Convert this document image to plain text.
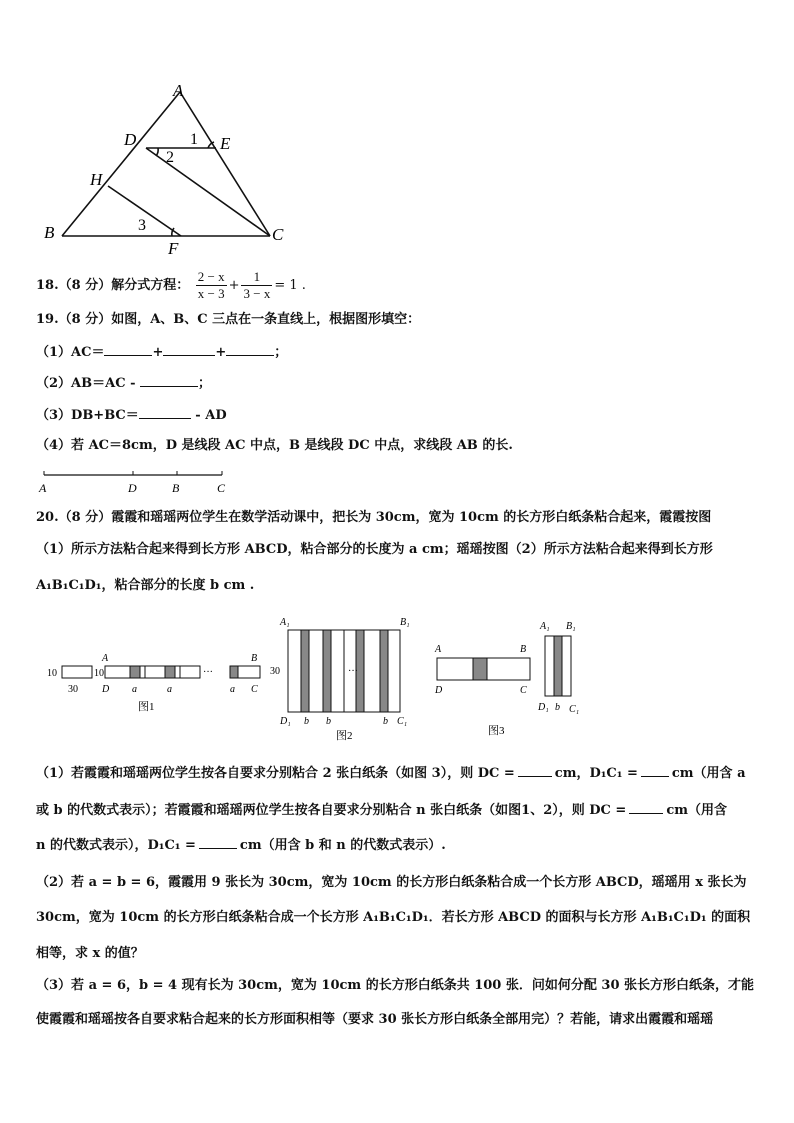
A
D	E
H
B
F
C
1
2
3
18.（8 分）解分式方程： $\frac{2 - x}{x - 3} + \frac{1}{3 - x} = 1$ .
19.（8 分）如图，A、B、C 三点在一条直线上，根据图形填空：
（1）AC＝	+	+	；
（2）AB＝AC -	；
（3）DB+BC＝	- AD
（4）若 AC＝8cm，D 是线段 AC 中点，B 是线段 DC 中点，求线段 AB 的长.
A	D	B	C
20.（8 分）霞霞和瑶瑶两位学生在数学活动课中，把长为 30cm，宽为 10cm 的长方形白纸条粘合起来，霞霞按图
（1）所示方法粘合起来得到长方形 ABCD，粘合部分的长度为 a cm；瑶瑶按图（2）所示方法粘合起来得到长方形
A₁B₁C₁D₁，粘合部分的长度 b cm .
10
30
10
A	B
D	C
a	a	a
···
图1
A₁	B₁
30	···
D₁ b b	b C₁
图2
A	B
D	C
A₁ B₁
D₁ b C₁
图3
（1）若霞霞和瑶瑶两位学生按各自要求分别粘合 2 张白纸条（如图 3），则 DC =	cm，D₁C₁ =	cm（用含 a
或 b 的代数式表示）；若霞霞和瑶瑶两位学生按各自要求分别粘合 n 张白纸条（如图1、2），则 DC =	cm（用含
n 的代数式表示），D₁C₁ =	cm（用含 b 和 n 的代数式表示）.
（2）若 a = b = 6，霞霞用 9 张长为 30cm，宽为 10cm 的长方形白纸条粘合成一个长方形 ABCD，瑶瑶用 x 张长为
30cm，宽为 10cm 的长方形白纸条粘合成一个长方形 A₁B₁C₁D₁．若长方形 ABCD 的面积与长方形 A₁B₁C₁D₁ 的面积
相等，求 x 的值？
（3）若 a = 6，b = 4 现有长为 30cm，宽为 10cm 的长方形白纸条共 100 张．问如何分配 30 张长方形白纸条，才能
使霞霞和瑶瑶按各自要求粘合起来的长方形面积相等（要求 30 张长方形白纸条全部用完）？若能，请求出霞霞和瑶瑶
